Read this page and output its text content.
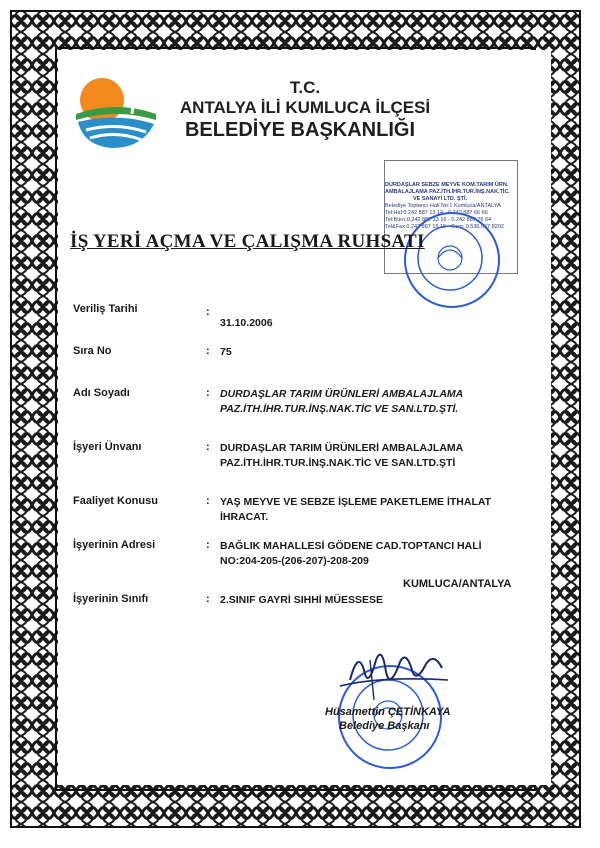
T.C.
ANTALYA İLİ KUMLUCA İLÇESİ
BELEDİYE BAŞKANLIĞI
DURDAŞLAR SEBZE MEYVE KOM.TARIM ÜRN.
AMBALAJLAMA PAZ.İTH.İHR.TUR.İNŞ.NAK.TİC.
VE SANAYİ LTD. ŞTİ.
Belediye Toptancı Hali No:1 Kumluca/ANTALYA
Tel:Hal:0.242 887 13 14 - 0.242 887 66 66
Tel:Büro:0.242 887 13 16 - 0.242 887 76 64
Tel&Fax:0.242 887 15 15 - Gsm: 0.536 067 8202
İŞ YERİ AÇMA VE ÇALIŞMA RUHSATI
Veriliş Tarihi	:
31.10.2006
Sıra No	: 75
Adı Soyadı	: DURDAŞLAR TARIM ÜRÜNLERİ AMBALAJLAMA
PAZ.İTH.İHR.TUR.İNŞ.NAK.TİC VE SAN.LTD.ŞTİ.
İşyeri Ünvanı	: DURDAŞLAR TARIM ÜRÜNLERİ AMBALAJLAMA
PAZ.İTH.İHR.TUR.İNŞ.NAK.TİC VE SAN.LTD.ŞTİ
Faaliyet Konusu	: YAŞ MEYVE VE SEBZE İŞLEME PAKETLEME İTHALAT
İHRACAT.
İşyerinin Adresi	: BAĞLIK MAHALLESİ GÖDENE CAD.TOPTANCI HALİ
NO:204-205-(206-207)-208-209
KUMLUCA/ANTALYA
İşyerinin Sınıfı	: 2.SINIF GAYRİ SIHHİ MÜESSESE
Hüsamettin ÇETİNKAYA
Belediye Başkanı
